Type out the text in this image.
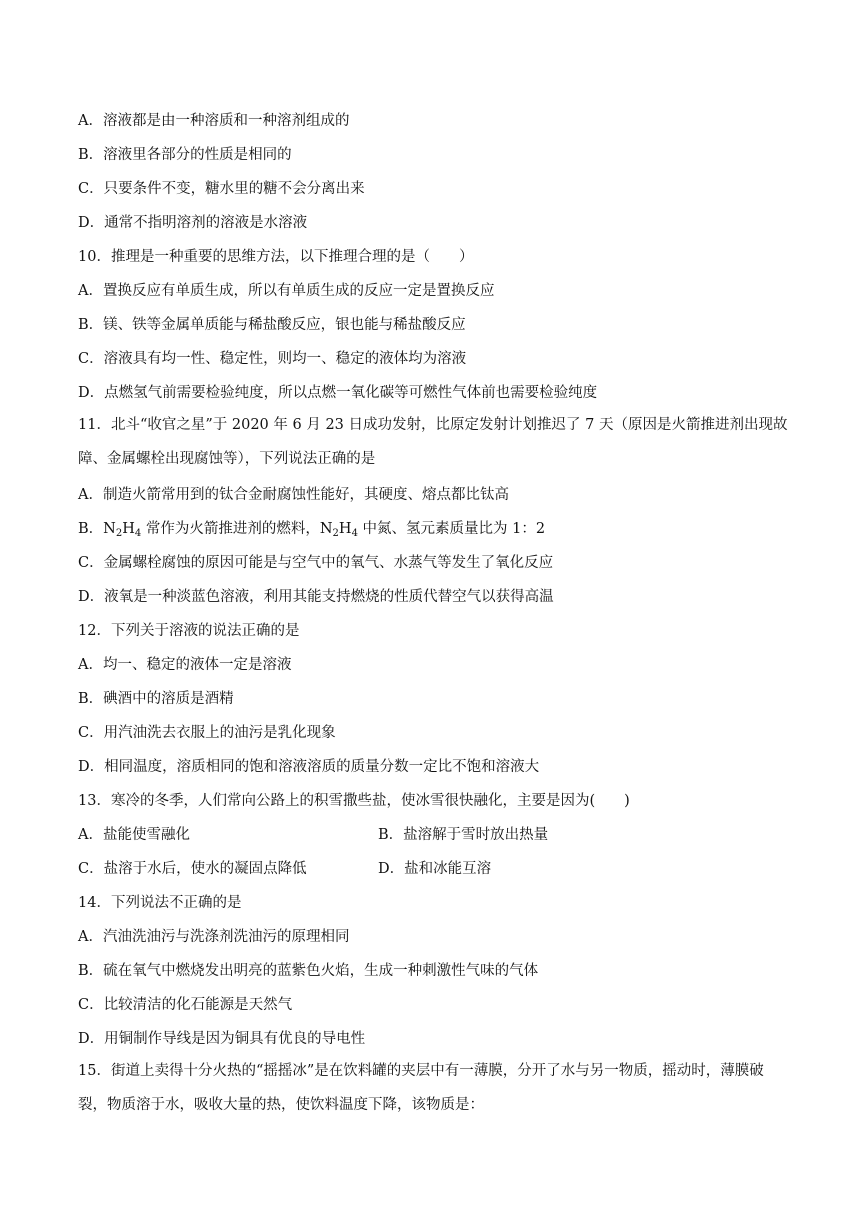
A．溶液都是由一种溶质和一种溶剂组成的
B．溶液里各部分的性质是相同的
C．只要条件不变，糖水里的糖不会分离出来
D．通常不指明溶剂的溶液是水溶液
10．推理是一种重要的思维方法，以下推理合理的是（　　）
A．置换反应有单质生成，所以有单质生成的反应一定是置换反应
B．镁、铁等金属单质能与稀盐酸反应，银也能与稀盐酸反应
C．溶液具有均一性、稳定性，则均一、稳定的液体均为溶液
D．点燃氢气前需要检验纯度，所以点燃一氧化碳等可燃性气体前也需要检验纯度
11．北斗“收官之星”于 2020 年 6 月 23 日成功发射，比原定发射计划推迟了 7 天（原因是火箭推进剂出现故障、金属螺栓出现腐蚀等），下列说法正确的是
A．制造火箭常用到的钛合金耐腐蚀性能好，其硬度、熔点都比钛高
B．$N_2H_4$ 常作为火箭推进剂的燃料，$N_2H_4$ 中氮、氢元素质量比为 1：2
C．金属螺栓腐蚀的原因可能是与空气中的氧气、水蒸气等发生了氧化反应
D．液氧是一种淡蓝色溶液，利用其能支持燃烧的性质代替空气以获得高温
12．下列关于溶液的说法正确的是
A．均一、稳定的液体一定是溶液
B．碘酒中的溶质是酒精
C．用汽油洗去衣服上的油污是乳化现象
D．相同温度，溶质相同的饱和溶液溶质的质量分数一定比不饱和溶液大
13．寒冷的冬季，人们常向公路上的积雪撒些盐，使冰雪很快融化，主要是因为(　　)
A．盐能使雪融化	B．盐溶解于雪时放出热量
C．盐溶于水后，使水的凝固点降低	D．盐和冰能互溶
14．下列说法不正确的是
A．汽油洗油污与洗涤剂洗油污的原理相同
B．硫在氧气中燃烧发出明亮的蓝紫色火焰，生成一种刺激性气味的气体
C．比较清洁的化石能源是天然气
D．用铜制作导线是因为铜具有优良的导电性
15．街道上卖得十分火热的“摇摇冰”是在饮料罐的夹层中有一薄膜，分开了水与另一物质，摇动时，薄膜破裂，物质溶于水，吸收大量的热，使饮料温度下降，该物质是：
